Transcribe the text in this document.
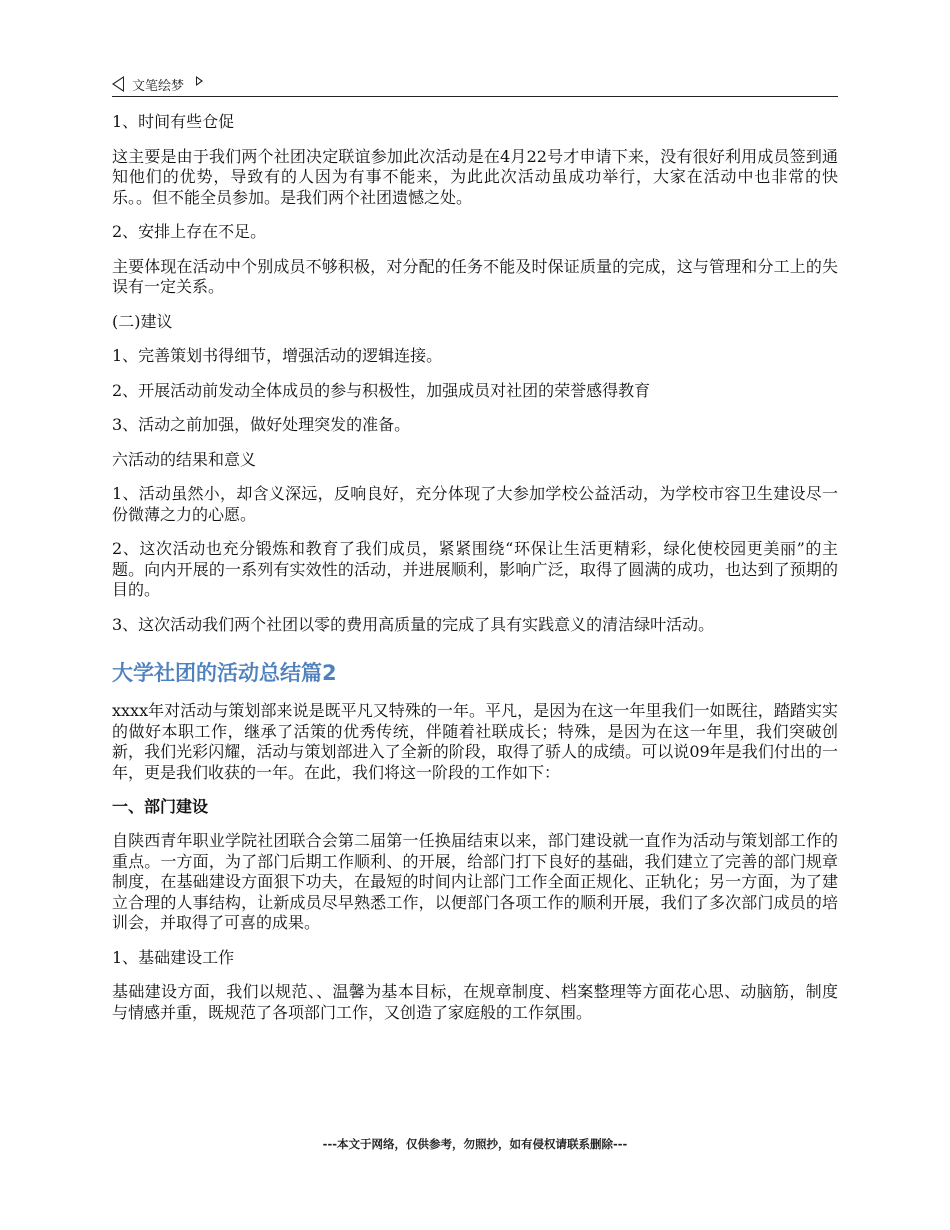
文笔绘梦

1、时间有些仓促

这主要是由于我们两个社团决定联谊参加此次活动是在4月22号才申请下来，没有很好利用成员签到通知他们的优势，导致有的人因为有事不能来，为此此次活动虽成功举行，大家在活动中也非常的快乐。。但不能全员参加。是我们两个社团遗憾之处。

2、安排上存在不足。

主要体现在活动中个别成员不够积极，对分配的任务不能及时保证质量的完成，这与管理和分工上的失误有一定关系。

(二)建议

1、完善策划书得细节，增强活动的逻辑连接。

2、开展活动前发动全体成员的参与积极性，加强成员对社团的荣誉感得教育

3、活动之前加强，做好处理突发的准备。

六活动的结果和意义

1、活动虽然小，却含义深远，反响良好，充分体现了大参加学校公益活动，为学校市容卫生建设尽一份微薄之力的心愿。

2、这次活动也充分锻炼和教育了我们成员，紧紧围绕“环保让生活更精彩，绿化使校园更美丽”的主题。向内开展的一系列有实效性的活动，并进展顺利，影响广泛，取得了圆满的成功，也达到了预期的目的。

3、这次活动我们两个社团以零的费用高质量的完成了具有实践意义的清洁绿叶活动。

大学社团的活动总结篇2

xxxx年对活动与策划部来说是既平凡又特殊的一年。平凡，是因为在这一年里我们一如既往，踏踏实实的做好本职工作，继承了活策的优秀传统，伴随着社联成长；特殊，是因为在这一年里，我们突破创新，我们光彩闪耀，活动与策划部进入了全新的阶段，取得了骄人的成绩。可以说09年是我们付出的一年，更是我们收获的一年。在此，我们将这一阶段的工作如下：

一、部门建设

自陕西青年职业学院社团联合会第二届第一任换届结束以来，部门建设就一直作为活动与策划部工作的重点。一方面，为了部门后期工作顺利、的开展，给部门打下良好的基础，我们建立了完善的部门规章制度，在基础建设方面狠下功夫，在最短的时间内让部门工作全面正规化、正轨化；另一方面，为了建立合理的人事结构，让新成员尽早熟悉工作，以便部门各项工作的顺利开展，我们了多次部门成员的培训会，并取得了可喜的成果。

1、基础建设工作

基础建设方面，我们以规范、、温馨为基本目标，在规章制度、档案整理等方面花心思、动脑筋，制度与情感并重，既规范了各项部门工作，又创造了家庭般的工作氛围。

---本文于网络，仅供参考，勿照抄，如有侵权请联系删除---
